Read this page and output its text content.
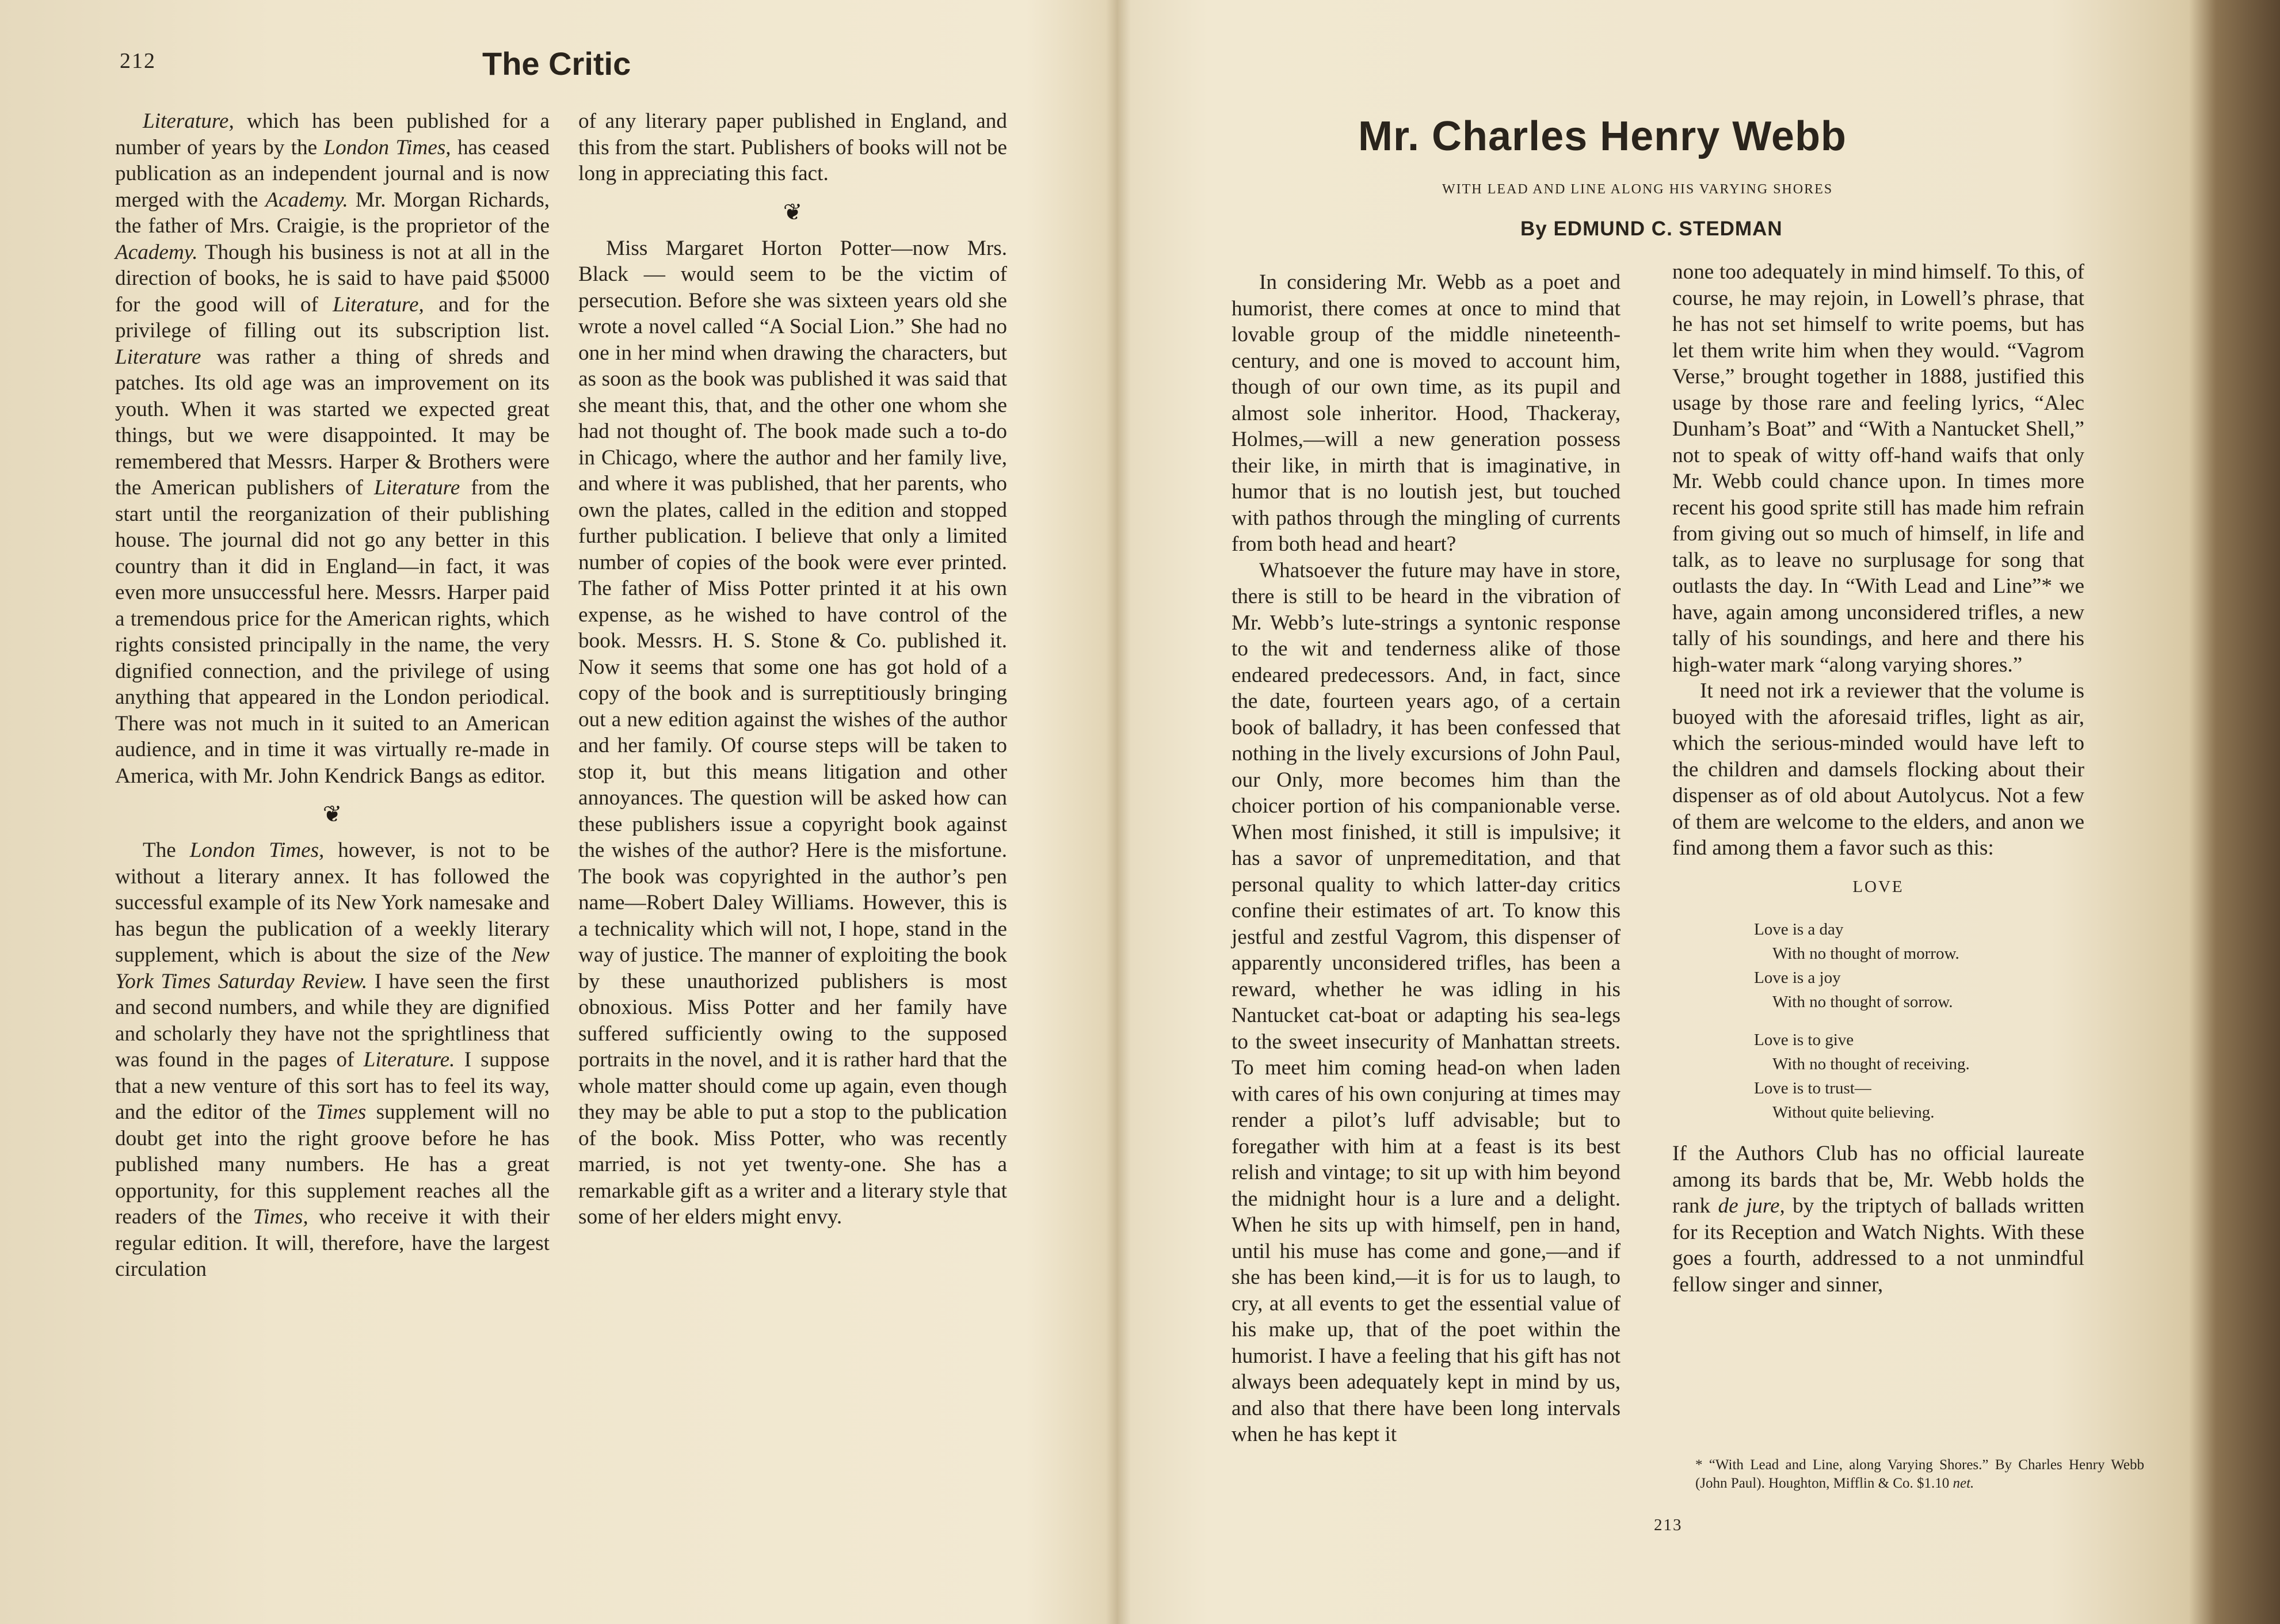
212	The Critic

Literature, which has been published for a number of years by the London Times, has ceased publication as an independent journal and is now merged with the Academy. Mr. Morgan Richards, the father of Mrs. Craigie, is the proprietor of the Academy. Though his business is not at all in the direction of books, he is said to have paid $5000 for the good will of Literature, and for the privilege of filling out its subscription list. Literature was rather a thing of shreds and patches. Its old age was an improvement on its youth. When it was started we expected great things, but we were disappointed. It may be remembered that Messrs. Harper & Brothers were the American publishers of Literature from the start until the reorganization of their publishing house. The journal did not go any better in this country than it did in England—in fact, it was even more unsuccessful here. Messrs. Harper paid a tremendous price for the American rights, which rights consisted principally in the name, the very dignified connection, and the privilege of using anything that appeared in the London periodical. There was not much in it suited to an American audience, and in time it was virtually re-made in America, with Mr. John Kendrick Bangs as editor.

❦

The London Times, however, is not to be without a literary annex. It has followed the successful example of its New York namesake and has begun the publication of a weekly literary supplement, which is about the size of the New York Times Saturday Review. I have seen the first and second numbers, and while they are dignified and scholarly they have not the sprightliness that was found in the pages of Literature. I suppose that a new venture of this sort has to feel its way, and the editor of the Times supplement will no doubt get into the right groove before he has published many numbers. He has a great opportunity, for this supplement reaches all the readers of the Times, who receive it with their regular edition. It will, therefore, have the largest circulation

of any literary paper published in England, and this from the start. Publishers of books will not be long in appreciating this fact.

❦

Miss Margaret Horton Potter—now Mrs. Black — would seem to be the victim of persecution. Before she was sixteen years old she wrote a novel called “A Social Lion.” She had no one in her mind when drawing the characters, but as soon as the book was published it was said that she meant this, that, and the other one whom she had not thought of. The book made such a to-do in Chicago, where the author and her family live, and where it was published, that her parents, who own the plates, called in the edition and stopped further publication. I believe that only a limited number of copies of the book were ever printed. The father of Miss Potter printed it at his own expense, as he wished to have control of the book. Messrs. H. S. Stone & Co. published it. Now it seems that some one has got hold of a copy of the book and is surreptitiously bringing out a new edition against the wishes of the author and her family. Of course steps will be taken to stop it, but this means litigation and other annoyances. The question will be asked how can these publishers issue a copyright book against the wishes of the author? Here is the misfortune. The book was copyrighted in the author’s pen name—Robert Daley Williams. However, this is a technicality which will not, I hope, stand in the way of justice. The manner of exploiting the book by these unauthorized publishers is most obnoxious. Miss Potter and her family have suffered sufficiently owing to the supposed portraits in the novel, and it is rather hard that the whole matter should come up again, even though they may be able to put a stop to the publication of the book. Miss Potter, who was recently married, is not yet twenty-one. She has a remarkable gift as a writer and a literary style that some of her elders might envy.

Mr. Charles Henry Webb
WITH LEAD AND LINE ALONG HIS VARYING SHORES
By EDMUND C. STEDMAN

In considering Mr. Webb as a poet and humorist, there comes at once to mind that lovable group of the middle nineteenth-century, and one is moved to account him, though of our own time, as its pupil and almost sole inheritor. Hood, Thackeray, Holmes,—will a new generation possess their like, in mirth that is imaginative, in humor that is no loutish jest, but touched with pathos through the mingling of currents from both head and heart?

Whatsoever the future may have in store, there is still to be heard in the vibration of Mr. Webb’s lute-strings a syntonic response to the wit and tenderness alike of those endeared predecessors. And, in fact, since the date, fourteen years ago, of a certain book of balladry, it has been confessed that nothing in the lively excursions of John Paul, our Only, more becomes him than the choicer portion of his companionable verse. When most finished, it still is impulsive; it has a savor of unpremeditation, and that personal quality to which latter-day critics confine their estimates of art. To know this jestful and zestful Vagrom, this dispenser of apparently unconsidered trifles, has been a reward, whether he was idling in his Nantucket cat-boat or adapting his sea-legs to the sweet insecurity of Manhattan streets. To meet him coming head-on when laden with cares of his own conjuring at times may render a pilot’s luff advisable; but to foregather with him at a feast is its best relish and vintage; to sit up with him beyond the midnight hour is a lure and a delight. When he sits up with himself, pen in hand, until his muse has come and gone,—and if she has been kind,—it is for us to laugh, to cry, at all events to get the essential value of his make up, that of the poet within the humorist. I have a feeling that his gift has not always been adequately kept in mind by us, and also that there have been long intervals when he has kept it

none too adequately in mind himself. To this, of course, he may rejoin, in Lowell’s phrase, that he has not set himself to write poems, but has let them write him when they would. “Vagrom Verse,” brought together in 1888, justified this usage by those rare and feeling lyrics, “Alec Dunham’s Boat” and “With a Nantucket Shell,” not to speak of witty off-hand waifs that only Mr. Webb could chance upon. In times more recent his good sprite still has made him refrain from giving out so much of himself, in life and talk, as to leave no surplusage for song that outlasts the day. In “With Lead and Line”* we have, again among unconsidered trifles, a new tally of his soundings, and here and there his high-water mark “along varying shores.”

It need not irk a reviewer that the volume is buoyed with the aforesaid trifles, light as air, which the serious-minded would have left to the children and damsels flocking about their dispenser as of old about Autolycus. Not a few of them are welcome to the elders, and anon we find among them a favor such as this:

LOVE
Love is a day
With no thought of morrow.
Love is a joy
With no thought of sorrow.
Love is to give
With no thought of receiving.
Love is to trust—
Without quite believing.

If the Authors Club has no official laureate among its bards that be, Mr. Webb holds the rank de jure, by the triptych of ballads written for its Reception and Watch Nights. With these goes a fourth, addressed to a not unmindful fellow singer and sinner,

* “With Lead and Line, along Varying Shores.” By Charles Henry Webb (John Paul). Houghton, Mifflin & Co. $1.10 net.
213
